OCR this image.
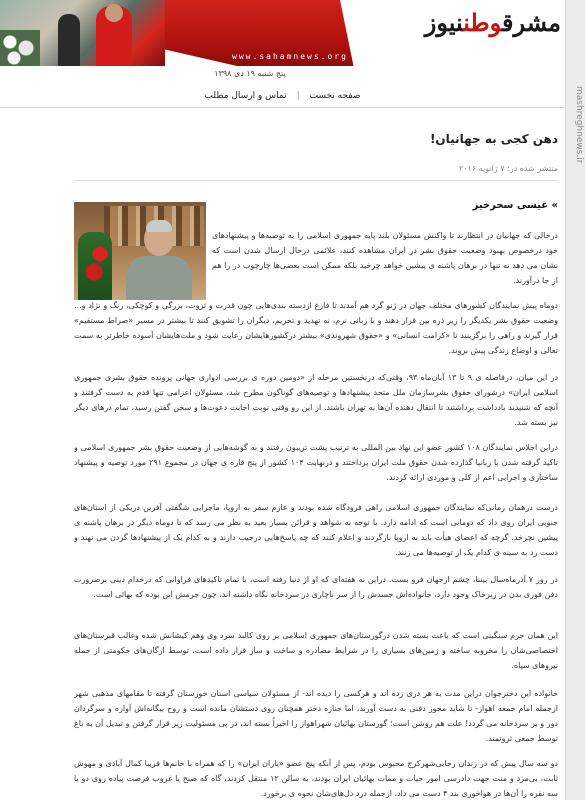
مشرقوطننیوز
www.sahamnews.org
mashreghnews.ir
پنج شنبه ۱۹ دی ۱۳۹۸
صفحه نخست
|
تماس و ارسال مطلب
دهن کجی به جهانیان!
منتشر شده در: ۷ ژانویه ۲۰۱۶
» عیسی سحرخیز

درحالی که جهانیان در انتظارند تا واکنش مسئولان بلند پایه جمهوری اسلامی را به توصیه‌ها و پیشنهادهای خود درخصوص بهبود وضعیت حقوق بشر در ایران مشاهده کنند، علائمی درحال ارسال شدن است که نشان می دهد نه تنها در برهان پاشنه ی پیشین خواهد چرخید بلکه ممکن است بعضی‌ها چارچوب در را هم از جا درآورند.

دوماه پیش نمایندگان کشورهای مختلف جهان در ژنو گرد هم آمدند تا فارغ ازدسته بندی‌هایی چون قدرت و ثروت، بزرگی و کوچکی، رنگ و نژاد و... وضعیت حقوق بشر یکدیگر را زیر ذره بین قرار دهند و با زبانی نرم، نه تهدید و تحریم، دیگران را تشویق کنند تا بیشتر در مسیر «صراط مستقیم» قرار گیرند و راهی را برگزینند تا «کرامت انسانی» و «حقوق شهروندی» بیشتر درکشورهایشان رعایت شود و ملت‌هایشان آسوده خاطرتر به سمت تعالی و اوضاع زندگی پیش بروند.

در این میان، درفاصله ی ۹ تا ۱۳ آبان‌ماه ۹۳، وقتی‌که درنخستین مرحله از «دومین دوره ی بررسی ادواری جهانی پرونده حقوق بشری جمهوری اسلامی ایران» درشورای حقوق بشرسازمان ملل متحد پیشنهادها و توصیه‌های گوناگون مطرح شد، مسئولان اعزامی تنها قدم به دست گرفتند و آنچه که شنیدند یادداشت برداشتند تا انتقال دهنده آن‌ها به تهران باشند. از این رو وقتی نوبت اجابت دعوت‌ها و سخن گفتن رسید، تمام درهای دیگر نیز بسته شد.

دراین اجلاس نمایندگان ۱۰۸ کشور عضو این نهاد بین المللی به ترتیب پشت تریبون رفتند و به گوشه‌هایی از وضعیت حقوق بشر جمهوری اسلامی و تاکید گرفته شدن با زبانیا گذارده شدن حقوق ملت ایران پرداختند و درنهایت ۱۰۴ کشور از پنج قاره ی جهان در مجموع ۲۹۱ مورد توصیه و پیشنهاد ساختاری و اجرایی اعم از کلی و موردی ارائه کردند.

درست درهمان زمانی‌که نمایندگان جمهوری اسلامی راهی فرودگاه شده بودند و عازم سفر به اروپا، ماجرایی شگفتی آفرین دریکی از استان‌های جنوبی ایران روی داد که دومانی است که ادامه دارد. با توجه به شواهد و قرائن بسیار بعید به نظر می رسد که تا دوماه دیگر در برهان پاشنه ی پیشین نچرخد. گرچه که اعضای هیأت باید به اروپا بازگردند و اعلام کنند که چه پاسخ‌هایی درجیب دارند و به کدام یک از پیشنهادها گردن می نهند و دست رد به سینه ی کدام یک از توصیه‌ها می زنند.

در روز ۷ آذرماه‌سال بیننا، چشم ازجهان فرو بست. دراین نه هفته‌ای که او از دنیا رفته است، با تمام تاکیدهای فراوانی که درخدام دینی برضرورت دفن فوری بدن در زیرخاک وجود دارد، خانواده‌اش جسدش را از سر ناچاری در سردخانه نگاه داشته اند، چون جرمش این بوده که بهائی است.

این همان جرم سنگینی است که باعث بسته شدن درگورستان‌های جمهوری اسلامی بر روی کالبد سرد وی وهم کیشانش شده وغالب قبرستان‌های اختصاصی‌شان را مخروبه ساخته و زمین‌های بسیاری را در شرایط مصادره و ساخت و ساز قرار داده است، توسط ارگان‌های حکومتی از جمله نیروهای سپاه.

خانواده این دخترجوان دراین مدت به هر دری زده اند و هرکسی را دیده اند- از مسئولان سیاسی استان خوزستان گرفته تا مقامهای مذهبی شهر ازجمله امام جمعه اهواز- تا شاید مجوز دفنی به دست آورند، اما جنازه دختر همچنان روی دستشان مانده است و روح بیگانه‌اش آواره و سرگردان دور و بر سردخانه می گردد! علت هم روشن است؛ گورستان بهائیان شهراهواز را اخیراً بسته اند، در پی مسئولیت زیر قرار گرفتن و تبدیل آن به باغ توسط جمعی ثروتمند.

دو سه سال پیش که در زندان رجایی‌شهرکرج محبوس بودم، پس از آنکه پنج عضو «یاران ایران» را که همراه با خانم‌ها فریبا کمال آبادی و مهوش ثابت، بی‌مزد و منت جهت دادرسی امور حیات و ممات بهائیان ایران بودند، به سالن ۱۲ منتقل کردند، گاه که صبح یا غروب فرصت پیاده روی دو یا سه نفره را آن‌ها در هواخوری بند ۴ دست می داد، ازجمله درد دل‌های‌شان نحوه ی برخورد.
